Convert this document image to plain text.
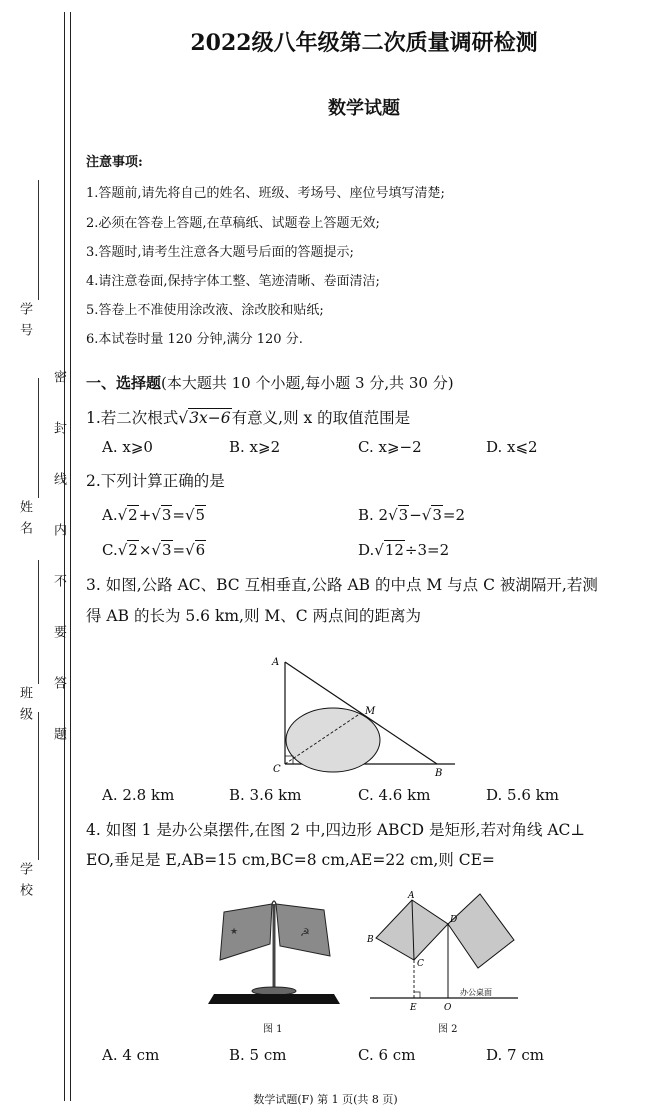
学 号
姓 名
班 级
学 校
密封线内不要答题
2022级八年级第二次质量调研检测
数学试题
注意事项:
1.答题前,请先将自己的姓名、班级、考场号、座位号填写清楚;
2.必须在答卷上答题,在草稿纸、试题卷上答题无效;
3.答题时,请考生注意各大题号后面的答题提示;
4.请注意卷面,保持字体工整、笔迹清晰、卷面清洁;
5.答卷上不准使用涂改液、涂改胶和贴纸;
6.本试卷时量 120 分钟,满分 120 分.
一、选择题(本大题共 10 个小题,每小题 3 分,共 30 分)
1.若二次根式√3x−6有意义,则 x 的取值范围是
A. x⩾0	B. x⩾2	C. x⩾−2	D. x⩽2
2.下列计算正确的是
A.√2+√3=√5	B. 2√3−√3=2
C.√2×√3=√6	D.√12÷3=2
3. 如图,公路 AC、BC 互相垂直,公路 AB 的中点 M 与点 C 被湖隔开,若测
得 AB 的长为 5.6 km,则 M、C 两点间的距离为
A
M
C	B
A. 2.8 km	B. 3.6 km	C. 4.6 km	D. 5.6 km
4. 如图 1 是办公桌摆件,在图 2 中,四边形 ABCD 是矩形,若对角线 AC⊥
EO,垂足是 E,AB=15 cm,BC=8 cm,AE=22 cm,则 CE=
★	☭
图 1
A
D
B
C
E	O
办公桌面
图 2
A. 4 cm	B. 5 cm	C. 6 cm	D. 7 cm
数学试题(F) 第 1 页(共 8 页)
